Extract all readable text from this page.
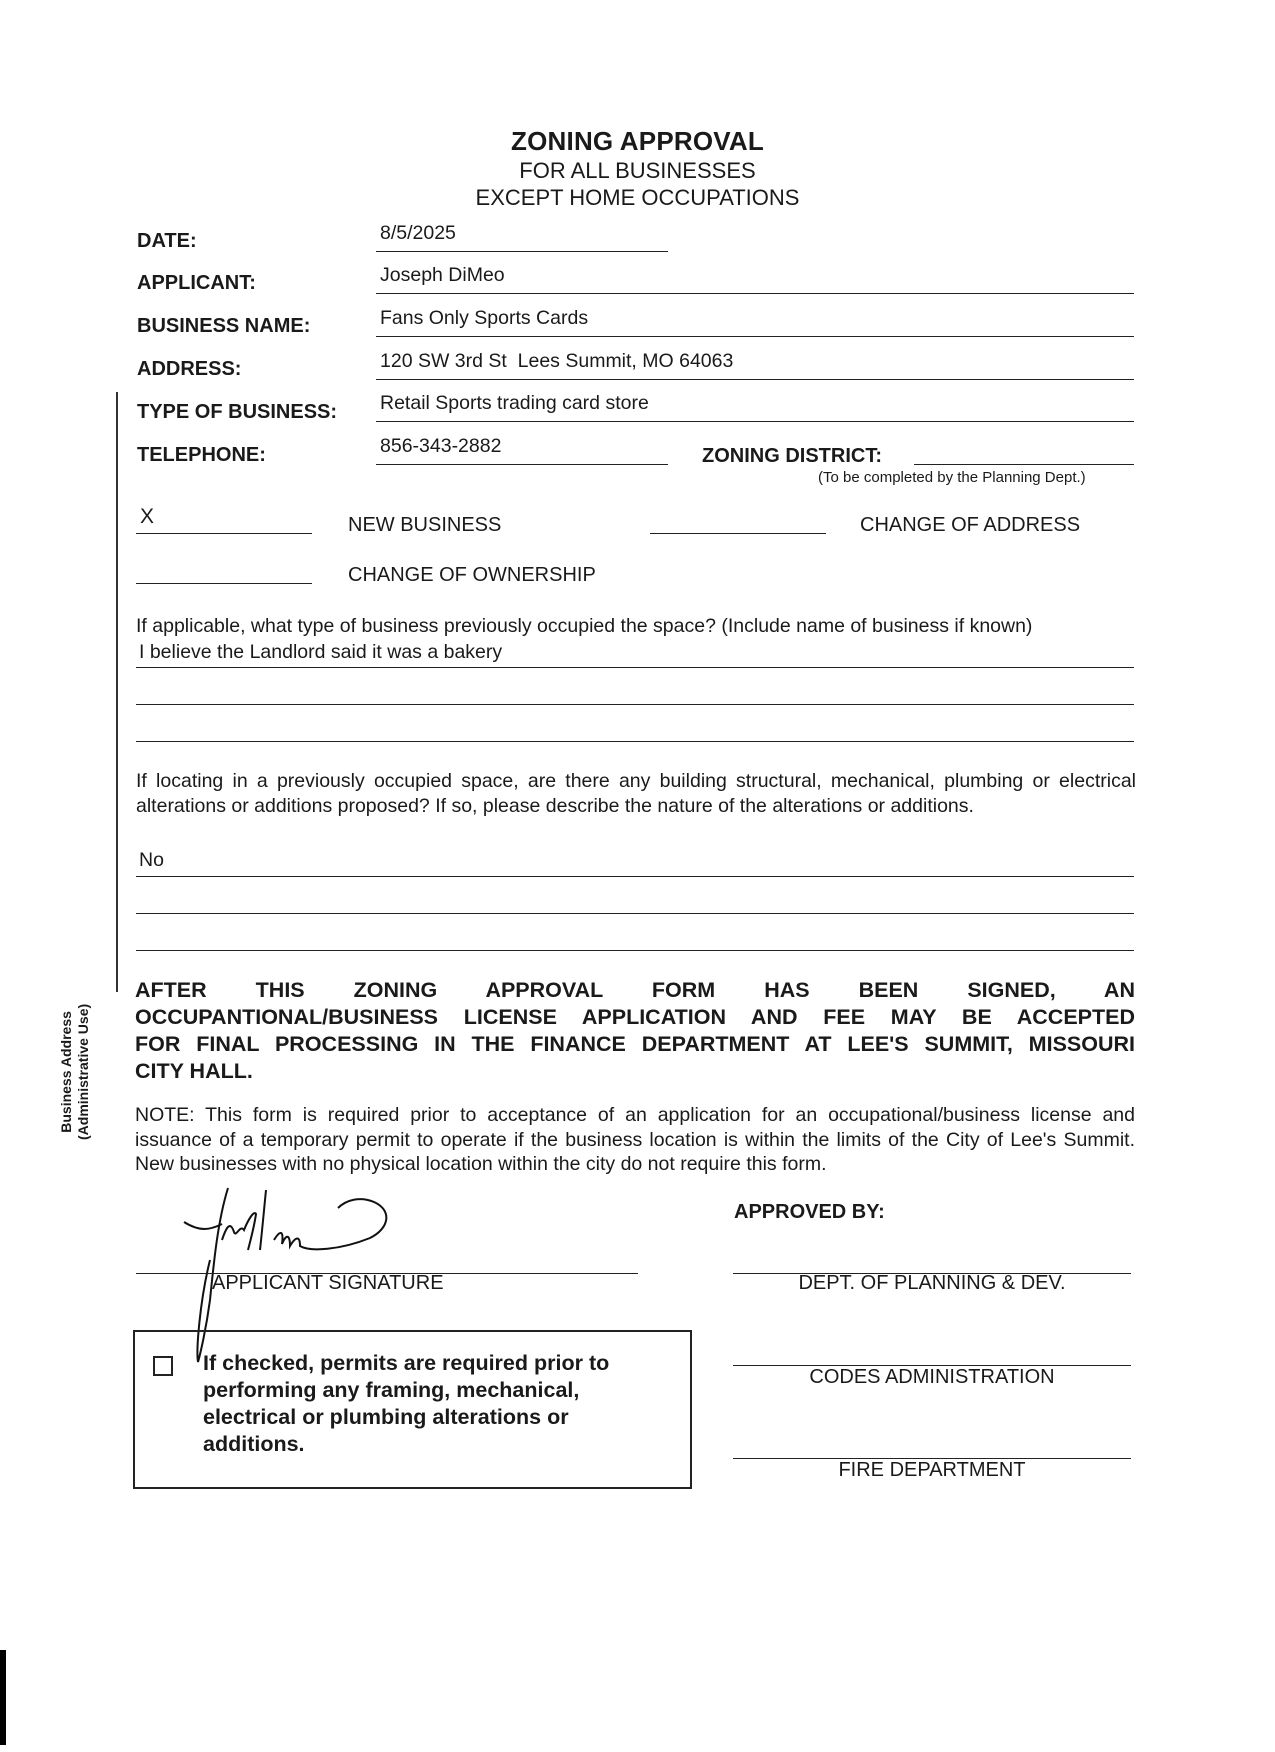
ZONING APPROVAL
FOR ALL BUSINESSES
EXCEPT HOME OCCUPATIONS
Business Address (Administrative Use)
DATE:	8/5/2025
APPLICANT:	Joseph DiMeo
BUSINESS NAME:	Fans Only Sports Cards
ADDRESS:	120 SW 3rd St  Lees Summit, MO 64063
TYPE OF BUSINESS: Retail Sports trading card store
TELEPHONE:	856-343-2882	ZONING DISTRICT:
(To be completed by the Planning Dept.)
X	NEW BUSINESS	CHANGE OF ADDRESS
CHANGE OF OWNERSHIP
If applicable, what type of business previously occupied the space? (Include name of business if known)
I believe the Landlord said it was a bakery
If locating in a previously occupied space, are there any building structural, mechanical, plumbing or electrical alterations or additions proposed? If so, please describe the nature of the alterations or additions.
No
AFTER THIS ZONING APPROVAL FORM HAS BEEN SIGNED, AN
OCCUPANTIONAL/BUSINESS LICENSE APPLICATION AND FEE MAY BE ACCEPTED
FOR FINAL PROCESSING IN THE FINANCE DEPARTMENT AT LEE'S SUMMIT, MISSOURI
CITY HALL.
NOTE: This form is required prior to acceptance of an application for an occupational/business license and issuance of a temporary permit to operate if the business location is within the limits of the City of Lee's Summit. New businesses with no physical location within the city do not require this form.
APPLICANT SIGNATURE
APPROVED BY:
DEPT. OF PLANNING & DEV.
CODES ADMINISTRATION
FIRE DEPARTMENT
If checked, permits are required prior to
performing any framing, mechanical,
electrical or plumbing alterations or
additions.
